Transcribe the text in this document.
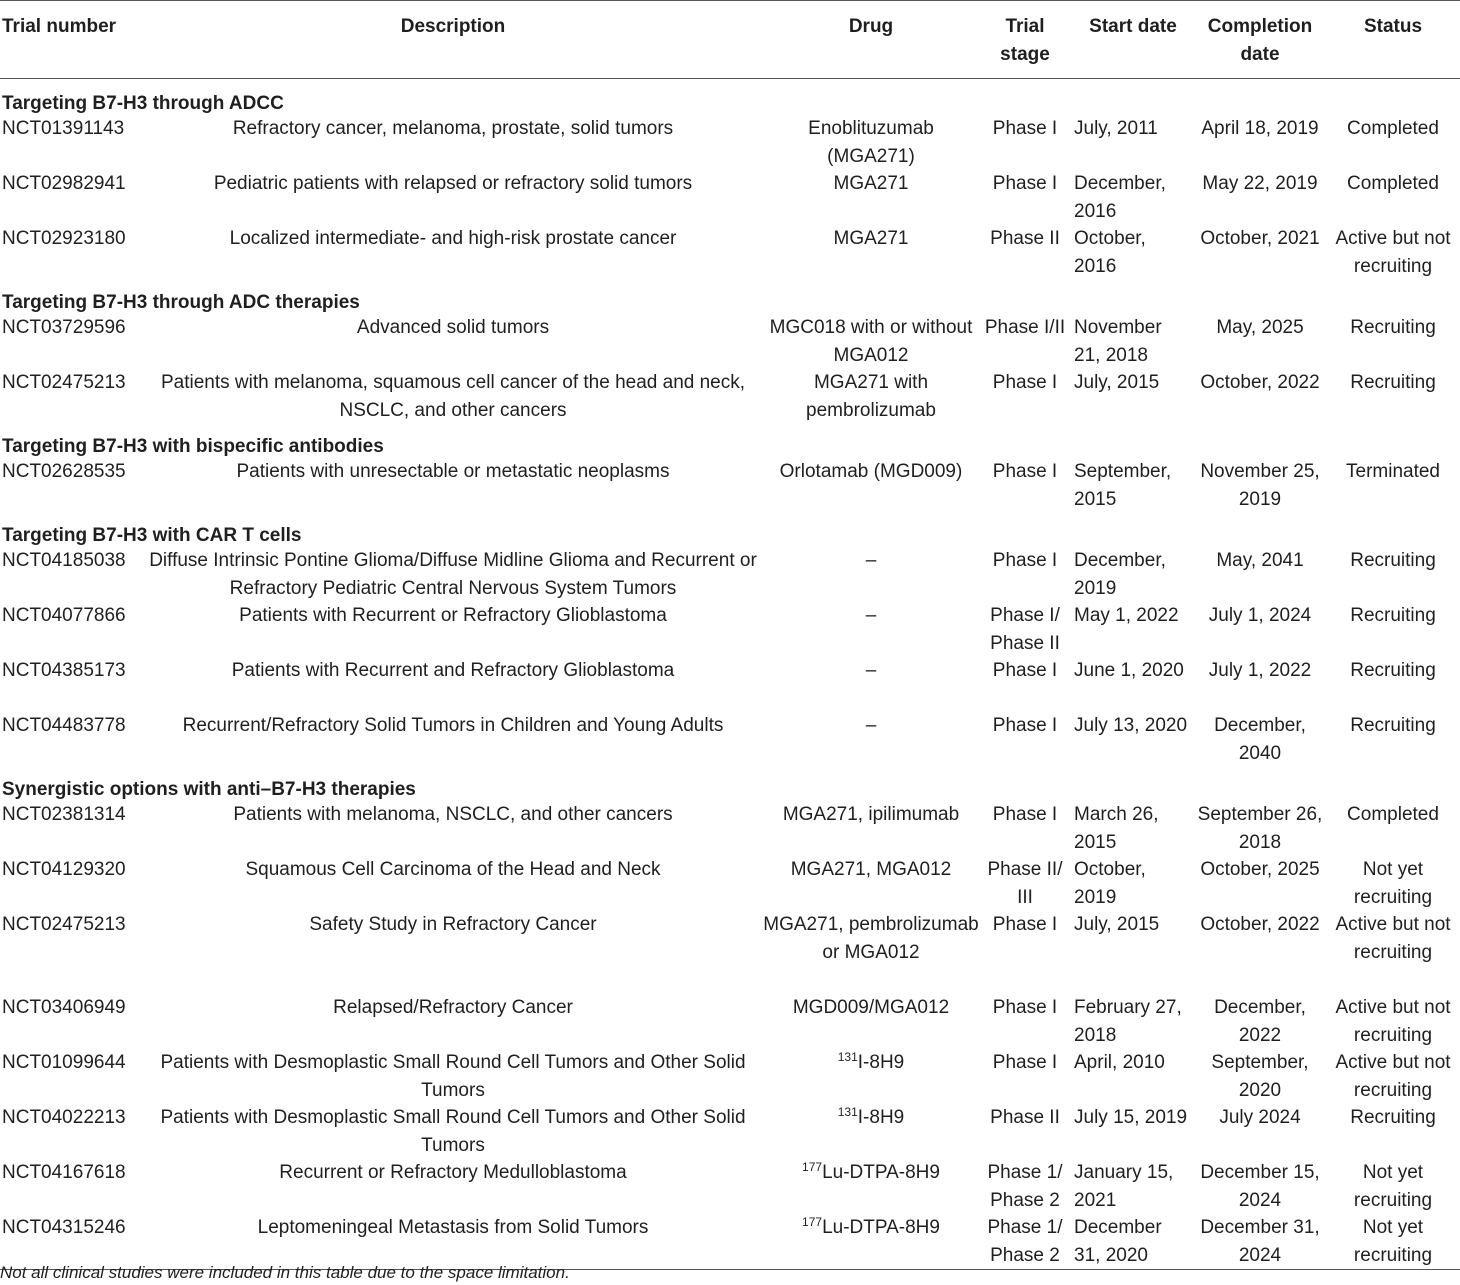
Trial number	Description	Drug	Trial stage	Start date	Completion date	Status
Targeting B7-H3 through ADCC						
NCT01391143	Refractory cancer, melanoma, prostate, solid tumors	Enoblituzumab (MGA271)	Phase I	July, 2011	April 18, 2019	Completed
NCT02982941	Pediatric patients with relapsed or refractory solid tumors	MGA271	Phase I	December, 2016	May 22, 2019	Completed
NCT02923180	Localized intermediate- and high-risk prostate cancer	MGA271	Phase II	October, 2016	October, 2021	Active but not recruiting
Targeting B7-H3 through ADC therapies						
NCT03729596	Advanced solid tumors	MGC018 with or without MGA012	Phase I/II	November 21, 2018	May, 2025	Recruiting
NCT02475213	Patients with melanoma, squamous cell cancer of the head and neck, NSCLC, and other cancers	MGA271 with pembrolizumab	Phase I	July, 2015	October, 2022	Recruiting
Targeting B7-H3 with bispecific antibodies						
NCT02628535	Patients with unresectable or metastatic neoplasms	Orlotamab (MGD009)	Phase I	September, 2015	November 25, 2019	Terminated
Targeting B7-H3 with CAR T cells						
NCT04185038	Diffuse Intrinsic Pontine Glioma/Diffuse Midline Glioma and Recurrent or Refractory Pediatric Central Nervous System Tumors	–	Phase I	December, 2019	May, 2041	Recruiting
NCT04077866	Patients with Recurrent or Refractory Glioblastoma	–	Phase I/ Phase II	May 1, 2022	July 1, 2024	Recruiting
NCT04385173	Patients with Recurrent and Refractory Glioblastoma	–	Phase I	June 1, 2020	July 1, 2022	Recruiting
NCT04483778	Recurrent/Refractory Solid Tumors in Children and Young Adults	–	Phase I	July 13, 2020	December, 2040	Recruiting
Synergistic options with anti–B7-H3 therapies						
NCT02381314	Patients with melanoma, NSCLC, and other cancers	MGA271, ipilimumab	Phase I	March 26, 2015	September 26, 2018	Completed
NCT04129320	Squamous Cell Carcinoma of the Head and Neck	MGA271, MGA012	Phase II/ III	October, 2019	October, 2025	Not yet recruiting
NCT02475213	Safety Study in Refractory Cancer	MGA271, pembrolizumab or MGA012	Phase I	July, 2015	October, 2022	Active but not recruiting
NCT03406949	Relapsed/Refractory Cancer	MGD009/MGA012	Phase I	February 27, 2018	December, 2022	Active but not recruiting
NCT01099644	Patients with Desmoplastic Small Round Cell Tumors and Other Solid Tumors	$^{131}$I-8H9	Phase I	April, 2010	September, 2020	Active but not recruiting
NCT04022213	Patients with Desmoplastic Small Round Cell Tumors and Other Solid Tumors	$^{131}$I-8H9	Phase II	July 15, 2019	July 2024	Recruiting
NCT04167618	Recurrent or Refractory Medulloblastoma	$^{177}$Lu-DTPA-8H9	Phase 1/ Phase 2	January 15, 2021	December 15, 2024	Not yet recruiting
NCT04315246	Leptomeningeal Metastasis from Solid Tumors	$^{177}$Lu-DTPA-8H9	Phase 1/ Phase 2	December 31, 2020	December 31, 2024	Not yet recruiting
Not all clinical studies were included in this table due to the space limitation.
